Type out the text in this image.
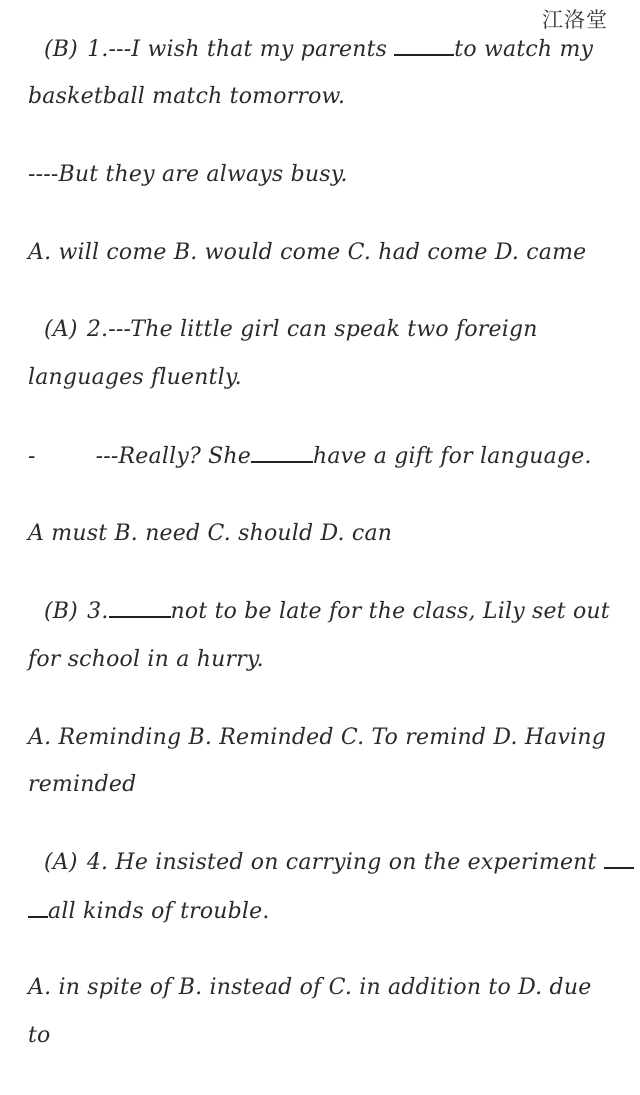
江洛堂
(B) 1.---I wish that my parents	to watch my
basketball match tomorrow.
----But they are always busy.
A. will come B. would come C. had come D. came
(A) 2.---The little girl can speak two foreign
languages fluently.
-	---Really? She	have a gift for language.
A must B. need C. should D. can
(B) 3.	not to be late for the class, Lily set out
for school in a hurry.
A. Reminding B. Reminded C. To remind D. Having
reminded
(A) 4. He insisted on carrying on the experiment
all kinds of trouble.
A. in spite of B. instead of C. in addition to D. due
to
